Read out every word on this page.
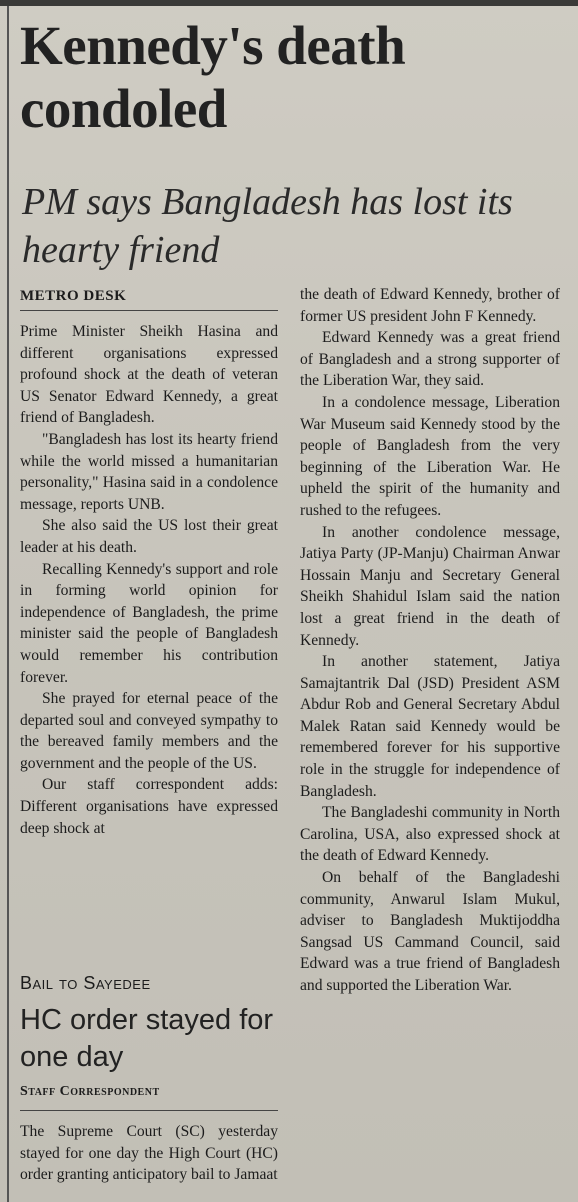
Kennedy's death condoled
PM says Bangladesh has lost its hearty friend
METRO DESK

Prime Minister Sheikh Hasina and different organisations expressed profound shock at the death of veteran US Senator Edward Kennedy, a great friend of Bangladesh.

"Bangladesh has lost its hearty friend while the world missed a humanitarian personality," Hasina said in a condolence message, reports UNB.

She also said the US lost their great leader at his death.

Recalling Kennedy's support and role in forming world opinion for independence of Bangladesh, the prime minister said the people of Bangladesh would remember his contribution forever.

She prayed for eternal peace of the departed soul and conveyed sympathy to the bereaved family members and the government and the people of the US.

Our staff correspondent adds: Different organisations have expressed deep shock at

the death of Edward Kennedy, brother of former US president John F Kennedy.

Edward Kennedy was a great friend of Bangladesh and a strong supporter of the Liberation War, they said.

In a condolence message, Liberation War Museum said Kennedy stood by the people of Bangladesh from the very beginning of the Liberation War. He upheld the spirit of the humanity and rushed to the refugees.

In another condolence message, Jatiya Party (JP-Manju) Chairman Anwar Hossain Manju and Secretary General Sheikh Shahidul Islam said the nation lost a great friend in the death of Kennedy.

In another statement, Jatiya Samajtantrik Dal (JSD) President ASM Abdur Rob and General Secretary Abdul Malek Ratan said Kennedy would be remembered forever for his supportive role in the struggle for independence of Bangladesh.

The Bangladeshi community in North Carolina, USA, also expressed shock at the death of Edward Kennedy.

On behalf of the Bangladeshi community, Anwarul Islam Mukul, adviser to Bangladesh Muktijoddha Sangsad US Cammand Council, said Edward was a true friend of Bangladesh and supported the Liberation War.

Bail to Sayedee
HC order stayed for one day
Staff Correspondent

The Supreme Court (SC) yesterday stayed for one day the High Court (HC) order granting anticipatory bail to Jamaat
